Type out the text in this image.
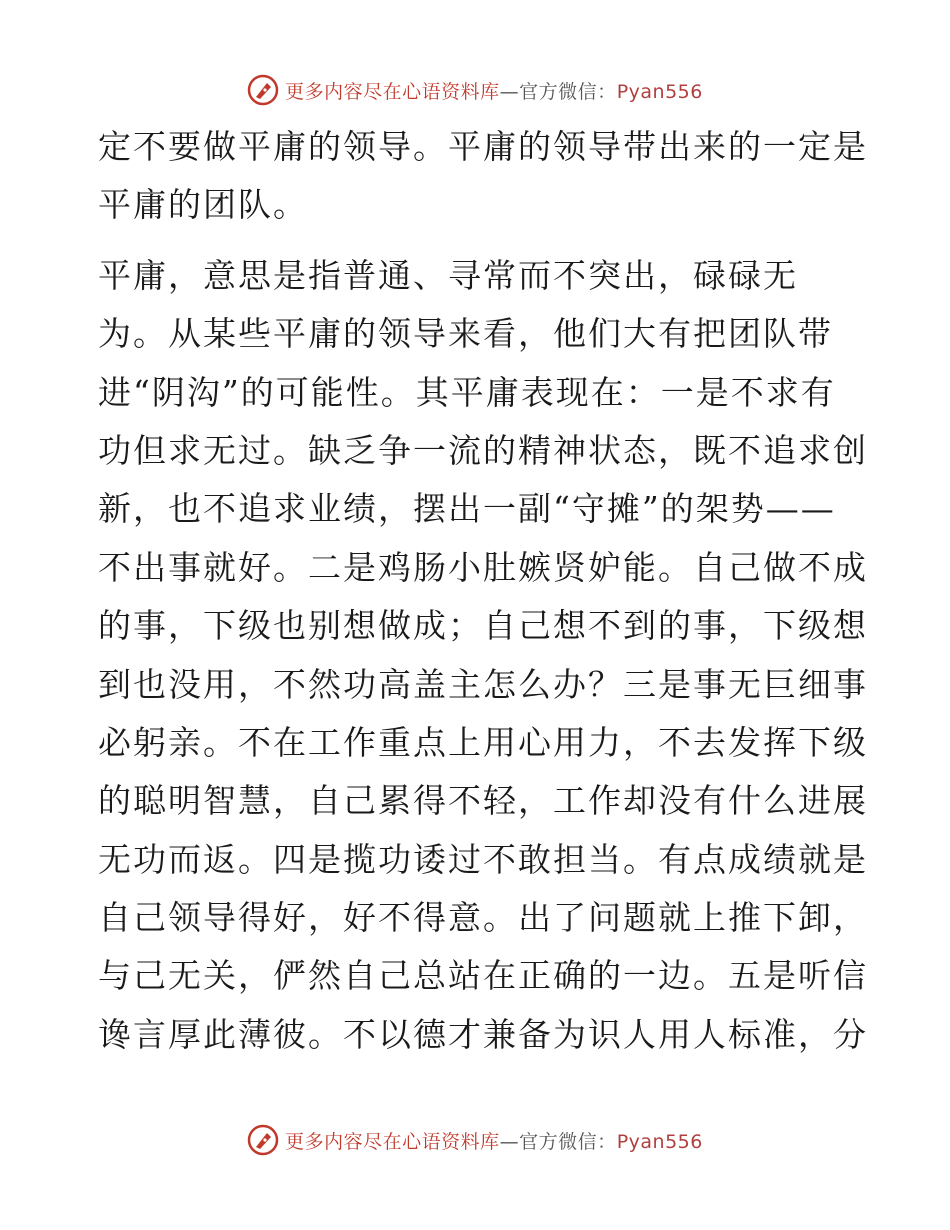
更多内容尽在心语资料库—官方微信：Pyan556
定不要做平庸的领导。平庸的领导带出来的一定是
平庸的团队。
平庸，意思是指普通、寻常而不突出，碌碌无
为。从某些平庸的领导来看，他们大有把团队带
进“阴沟”的可能性。其平庸表现在：一是不求有
功但求无过。缺乏争一流的精神状态，既不追求创
新，也不追求业绩，摆出一副“守摊”的架势——
不出事就好。二是鸡肠小肚嫉贤妒能。自己做不成
的事，下级也别想做成；自己想不到的事，下级想
到也没用，不然功高盖主怎么办？三是事无巨细事
必躬亲。不在工作重点上用心用力，不去发挥下级
的聪明智慧，自己累得不轻，工作却没有什么进展
无功而返。四是揽功诿过不敢担当。有点成绩就是
自己领导得好，好不得意。出了问题就上推下卸，
与己无关，俨然自己总站在正确的一边。五是听信
谗言厚此薄彼。不以德才兼备为识人用人标准，分
更多内容尽在心语资料库—官方微信：Pyan556
